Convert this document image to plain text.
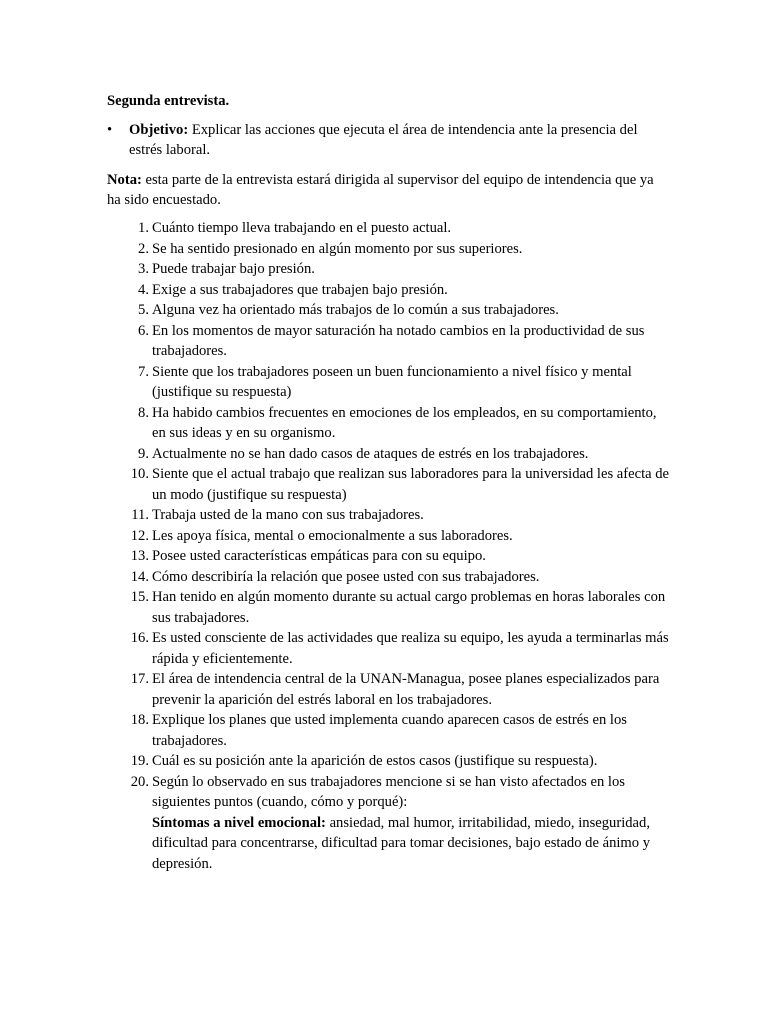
Segunda entrevista.
•	Objetivo: Explicar las acciones que ejecuta el área de intendencia ante la presencia del estrés laboral.
Nota: esta parte de la entrevista estará dirigida al supervisor del equipo de intendencia que ya ha sido encuestado.
1. Cuánto tiempo lleva trabajando en el puesto actual.
2. Se ha sentido presionado en algún momento por sus superiores.
3. Puede trabajar bajo presión.
4. Exige a sus trabajadores que trabajen bajo presión.
5. Alguna vez ha orientado más trabajos de lo común a sus trabajadores.
6. En los momentos de mayor saturación ha notado cambios en la productividad de sus trabajadores.
7. Siente que los trabajadores poseen un buen funcionamiento a nivel físico y mental (justifique su respuesta)
8. Ha habido cambios frecuentes en emociones de los empleados, en su comportamiento, en sus ideas y en su organismo.
9. Actualmente no se han dado casos de ataques de estrés en los trabajadores.
10. Siente que el actual trabajo que realizan sus laboradores para la universidad les afecta de un modo (justifique su respuesta)
11. Trabaja usted de la mano con sus trabajadores.
12. Les apoya física, mental o emocionalmente a sus laboradores.
13. Posee usted características empáticas para con su equipo.
14. Cómo describiría la relación que posee usted con sus trabajadores.
15. Han tenido en algún momento durante su actual cargo problemas en horas laborales con sus trabajadores.
16. Es usted consciente de las actividades que realiza su equipo, les ayuda a terminarlas más rápida y eficientemente.
17. El área de intendencia central de la UNAN-Managua, posee planes especializados para prevenir la aparición del estrés laboral en los trabajadores.
18. Explique los planes que usted implementa cuando aparecen casos de estrés en los trabajadores.
19. Cuál es su posición ante la aparición de estos casos (justifique su respuesta).
20. Según lo observado en sus trabajadores mencione si se han visto afectados en los siguientes puntos (cuando, cómo y porqué):
Síntomas a nivel emocional: ansiedad, mal humor, irritabilidad, miedo, inseguridad, dificultad para concentrarse, dificultad para tomar decisiones, bajo estado de ánimo y depresión.
